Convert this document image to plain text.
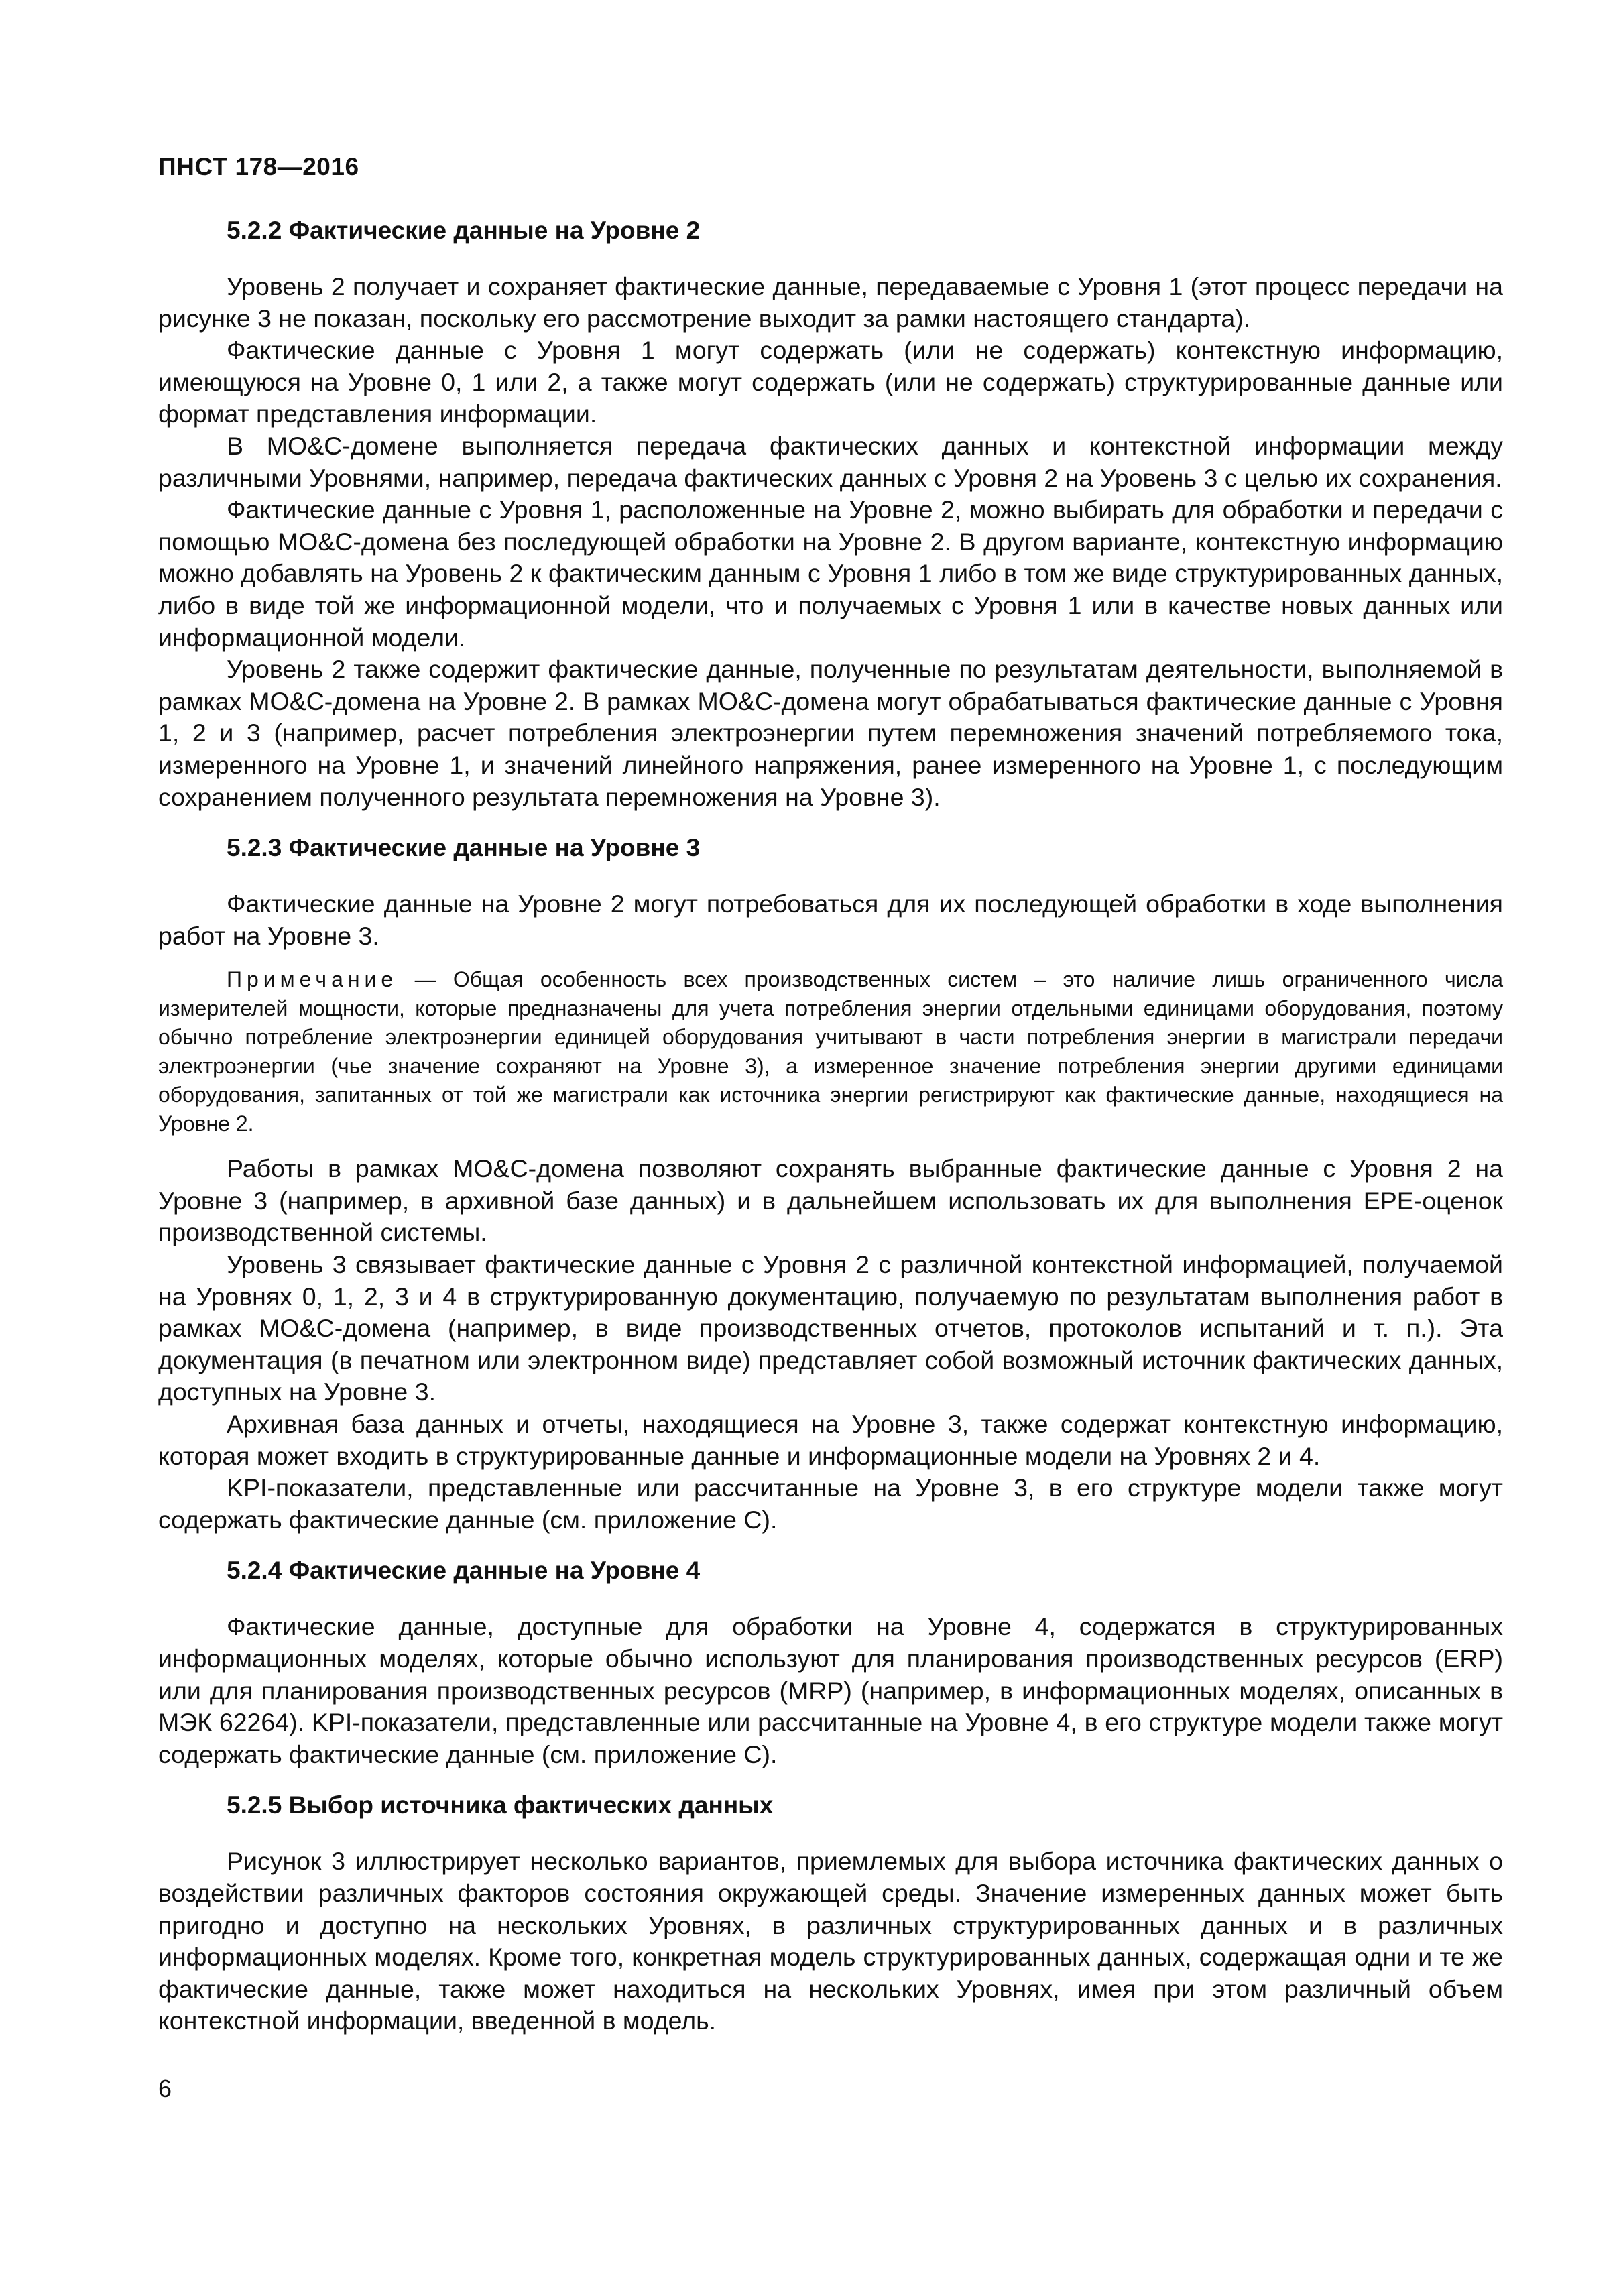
ПНСТ 178—2016
5.2.2 Фактические данные на Уровне 2

Уровень 2 получает и сохраняет фактические данные, передаваемые с Уровня 1 (этот процесс передачи на рисунке 3 не показан, поскольку его рассмотрение выходит за рамки настоящего стандарта).

Фактические данные с Уровня 1 могут содержать (или не содержать) контекстную информацию, имеющуюся на Уровне 0, 1 или 2, а также могут содержать (или не содержать) структурированные данные или формат представления информации.

В MO&C-домене выполняется передача фактических данных и контекстной информации между различными Уровнями, например, передача фактических данных с Уровня 2 на Уровень 3 с целью их сохранения.

Фактические данные с Уровня 1, расположенные на Уровне 2, можно выбирать для обработки и передачи с помощью MO&C-домена без последующей обработки на Уровне 2. В другом варианте, контекстную информацию можно добавлять на Уровень 2 к фактическим данным с Уровня 1 либо в том же виде структурированных данных, либо в виде той же информационной модели, что и получаемых с Уровня 1 или в качестве новых данных или информационной модели.

Уровень 2 также содержит фактические данные, полученные по результатам деятельности, выполняемой в рамках MO&C-домена на Уровне 2. В рамках MO&C-домена могут обрабатываться фактические данные с Уровня 1, 2 и 3 (например, расчет потребления электроэнергии путем перемножения значений потребляемого тока, измеренного на Уровне 1, и значений линейного напряжения, ранее измеренного на Уровне 1, с последующим сохранением полученного результата перемножения на Уровне 3).

5.2.3 Фактические данные на Уровне 3

Фактические данные на Уровне 2 могут потребоваться для их последующей обработки в ходе выполнения работ на Уровне 3.

Примечание — Общая особенность всех производственных систем – это наличие лишь ограниченного числа измерителей мощности, которые предназначены для учета потребления энергии отдельными единицами оборудования, поэтому обычно потребление электроэнергии единицей оборудования учитывают в части потребления энергии в магистрали передачи электроэнергии (чье значение сохраняют на Уровне 3), а измеренное значение потребления энергии другими единицами оборудования, запитанных от той же магистрали как источника энергии регистрируют как фактические данные, находящиеся на Уровне 2.

Работы в рамках MO&C-домена позволяют сохранять выбранные фактические данные с Уровня 2 на Уровне 3 (например, в архивной базе данных) и в дальнейшем использовать их для выполнения EPE-оценок производственной системы.

Уровень 3 связывает фактические данные с Уровня 2 с различной контекстной информацией, получаемой на Уровнях 0, 1, 2, 3 и 4 в структурированную документацию, получаемую по результатам выполнения работ в рамках MO&C-домена (например, в виде производственных отчетов, протоколов испытаний и т. п.). Эта документация (в печатном или электронном виде) представляет собой возможный источник фактических данных, доступных на Уровне 3.

Архивная база данных и отчеты, находящиеся на Уровне 3, также содержат контекстную информацию, которая может входить в структурированные данные и информационные модели на Уровнях 2 и 4.

KPI-показатели, представленные или рассчитанные на Уровне 3, в его структуре модели также могут содержать фактические данные (см. приложение С).

5.2.4 Фактические данные на Уровне 4

Фактические данные, доступные для обработки на Уровне 4, содержатся в структурированных информационных моделях, которые обычно используют для планирования производственных ресурсов (ERP) или для планирования производственных ресурсов (MRP) (например, в информационных моделях, описанных в МЭК 62264). KPI-показатели, представленные или рассчитанные на Уровне 4, в его структуре модели также могут содержать фактические данные (см. приложение С).

5.2.5 Выбор источника фактических данных

Рисунок 3 иллюстрирует несколько вариантов, приемлемых для выбора источника фактических данных о воздействии различных факторов состояния окружающей среды. Значение измеренных данных может быть пригодно и доступно на нескольких Уровнях, в различных структурированных данных и в различных информационных моделях. Кроме того, конкретная модель структурированных данных, содержащая одни и те же фактические данные, также может находиться на нескольких Уровнях, имея при этом различный объем контекстной информации, введенной в модель.

6
